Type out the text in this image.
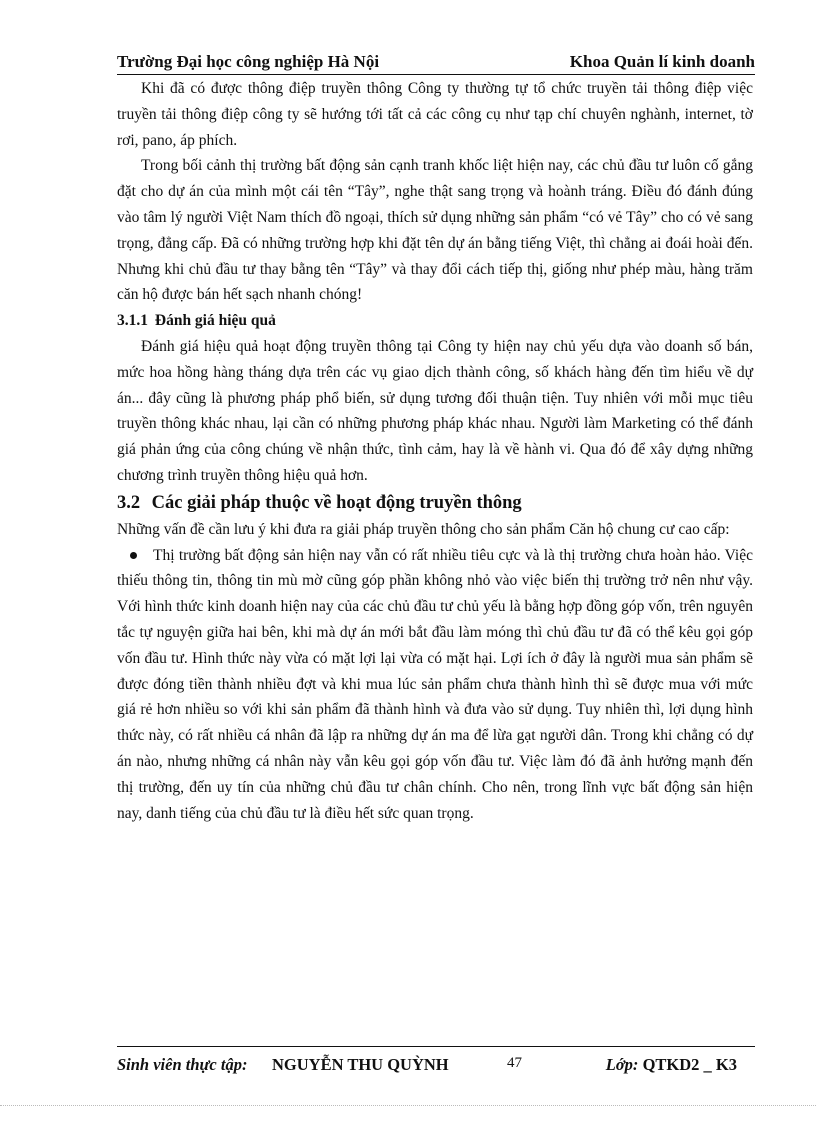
Trường Đại học công nghiệp Hà Nội	Khoa Quản lí kinh doanh

Khi đã có được thông điệp truyền thông Công ty thường tự tổ chức truyền tải thông điệp việc truyền tải thông điệp công ty sẽ hướng tới tất cả các công cụ như tạp chí chuyên nghành, internet, tờ rơi, pano, áp phích.

Trong bối cảnh thị trường bất động sản cạnh tranh khốc liệt hiện nay, các chủ đầu tư luôn cố gắng đặt cho dự án của mình một cái tên “Tây”, nghe thật sang trọng và hoành tráng. Điều đó đánh đúng vào tâm lý người Việt Nam thích đồ ngoại, thích sử dụng những sản phẩm “có vẻ Tây” cho có vẻ sang trọng, đẳng cấp. Đã có những trường hợp khi đặt tên dự án bằng tiếng Việt, thì chẳng ai đoái hoài đến. Nhưng khi chủ đầu tư thay bằng tên “Tây” và thay đổi cách tiếp thị, giống như phép màu, hàng trăm căn hộ được bán hết sạch nhanh chóng!

3.1.1 Đánh giá hiệu quả

Đánh giá hiệu quả hoạt động truyền thông tại Công ty hiện nay chủ yếu dựa vào doanh số bán, mức hoa hồng hàng tháng dựa trên các vụ giao dịch thành công, số khách hàng đến tìm hiểu về dự án... đây cũng là phương pháp phổ biến, sử dụng tương đối thuận tiện. Tuy nhiên với mỗi mục tiêu truyền thông khác nhau, lại cần có những phương pháp khác nhau. Người làm Marketing có thể đánh giá phản ứng của công chúng về nhận thức, tình cảm, hay là về hành vi. Qua đó để xây dựng những chương trình truyền thông hiệu quả hơn.

3.2 Các giải pháp thuộc về hoạt động truyền thông

Những vấn đề cần lưu ý khi đưa ra giải pháp truyền thông cho sản phẩm Căn hộ chung cư cao cấp:

Thị trường bất động sản hiện nay vẫn có rất nhiều tiêu cực và là thị trường chưa hoàn hảo. Việc thiếu thông tin, thông tin mù mờ cũng góp phần không nhỏ vào việc biến thị trường trở nên như vậy. Với hình thức kinh doanh hiện nay của các chủ đầu tư chủ yếu là bằng hợp đồng góp vốn, trên nguyên tắc tự nguyện giữa hai bên, khi mà dự án mới bắt đầu làm móng thì chủ đầu tư đã có thể kêu gọi góp vốn đầu tư. Hình thức này vừa có mặt lợi lại vừa có mặt hại. Lợi ích ở đây là người mua sản phẩm sẽ được đóng tiền thành nhiều đợt và khi mua lúc sản phẩm chưa thành hình thì sẽ được mua với mức giá rẻ hơn nhiều so với khi sản phẩm đã thành hình và đưa vào sử dụng. Tuy nhiên thì, lợi dụng hình thức này, có rất nhiều cá nhân đã lập ra những dự án ma để lừa gạt người dân. Trong khi chẳng có dự án nào, nhưng những cá nhân này vẫn kêu gọi góp vốn đầu tư. Việc làm đó đã ảnh hưởng mạnh đến thị trường, đến uy tín của những chủ đầu tư chân chính. Cho nên, trong lĩnh vực bất động sản hiện nay, danh tiếng của chủ đầu tư là điều hết sức quan trọng.
Sinh viên thực tập: NGUYỄN THU QUỲNH	47	Lớp: QTKD2 _ K3
